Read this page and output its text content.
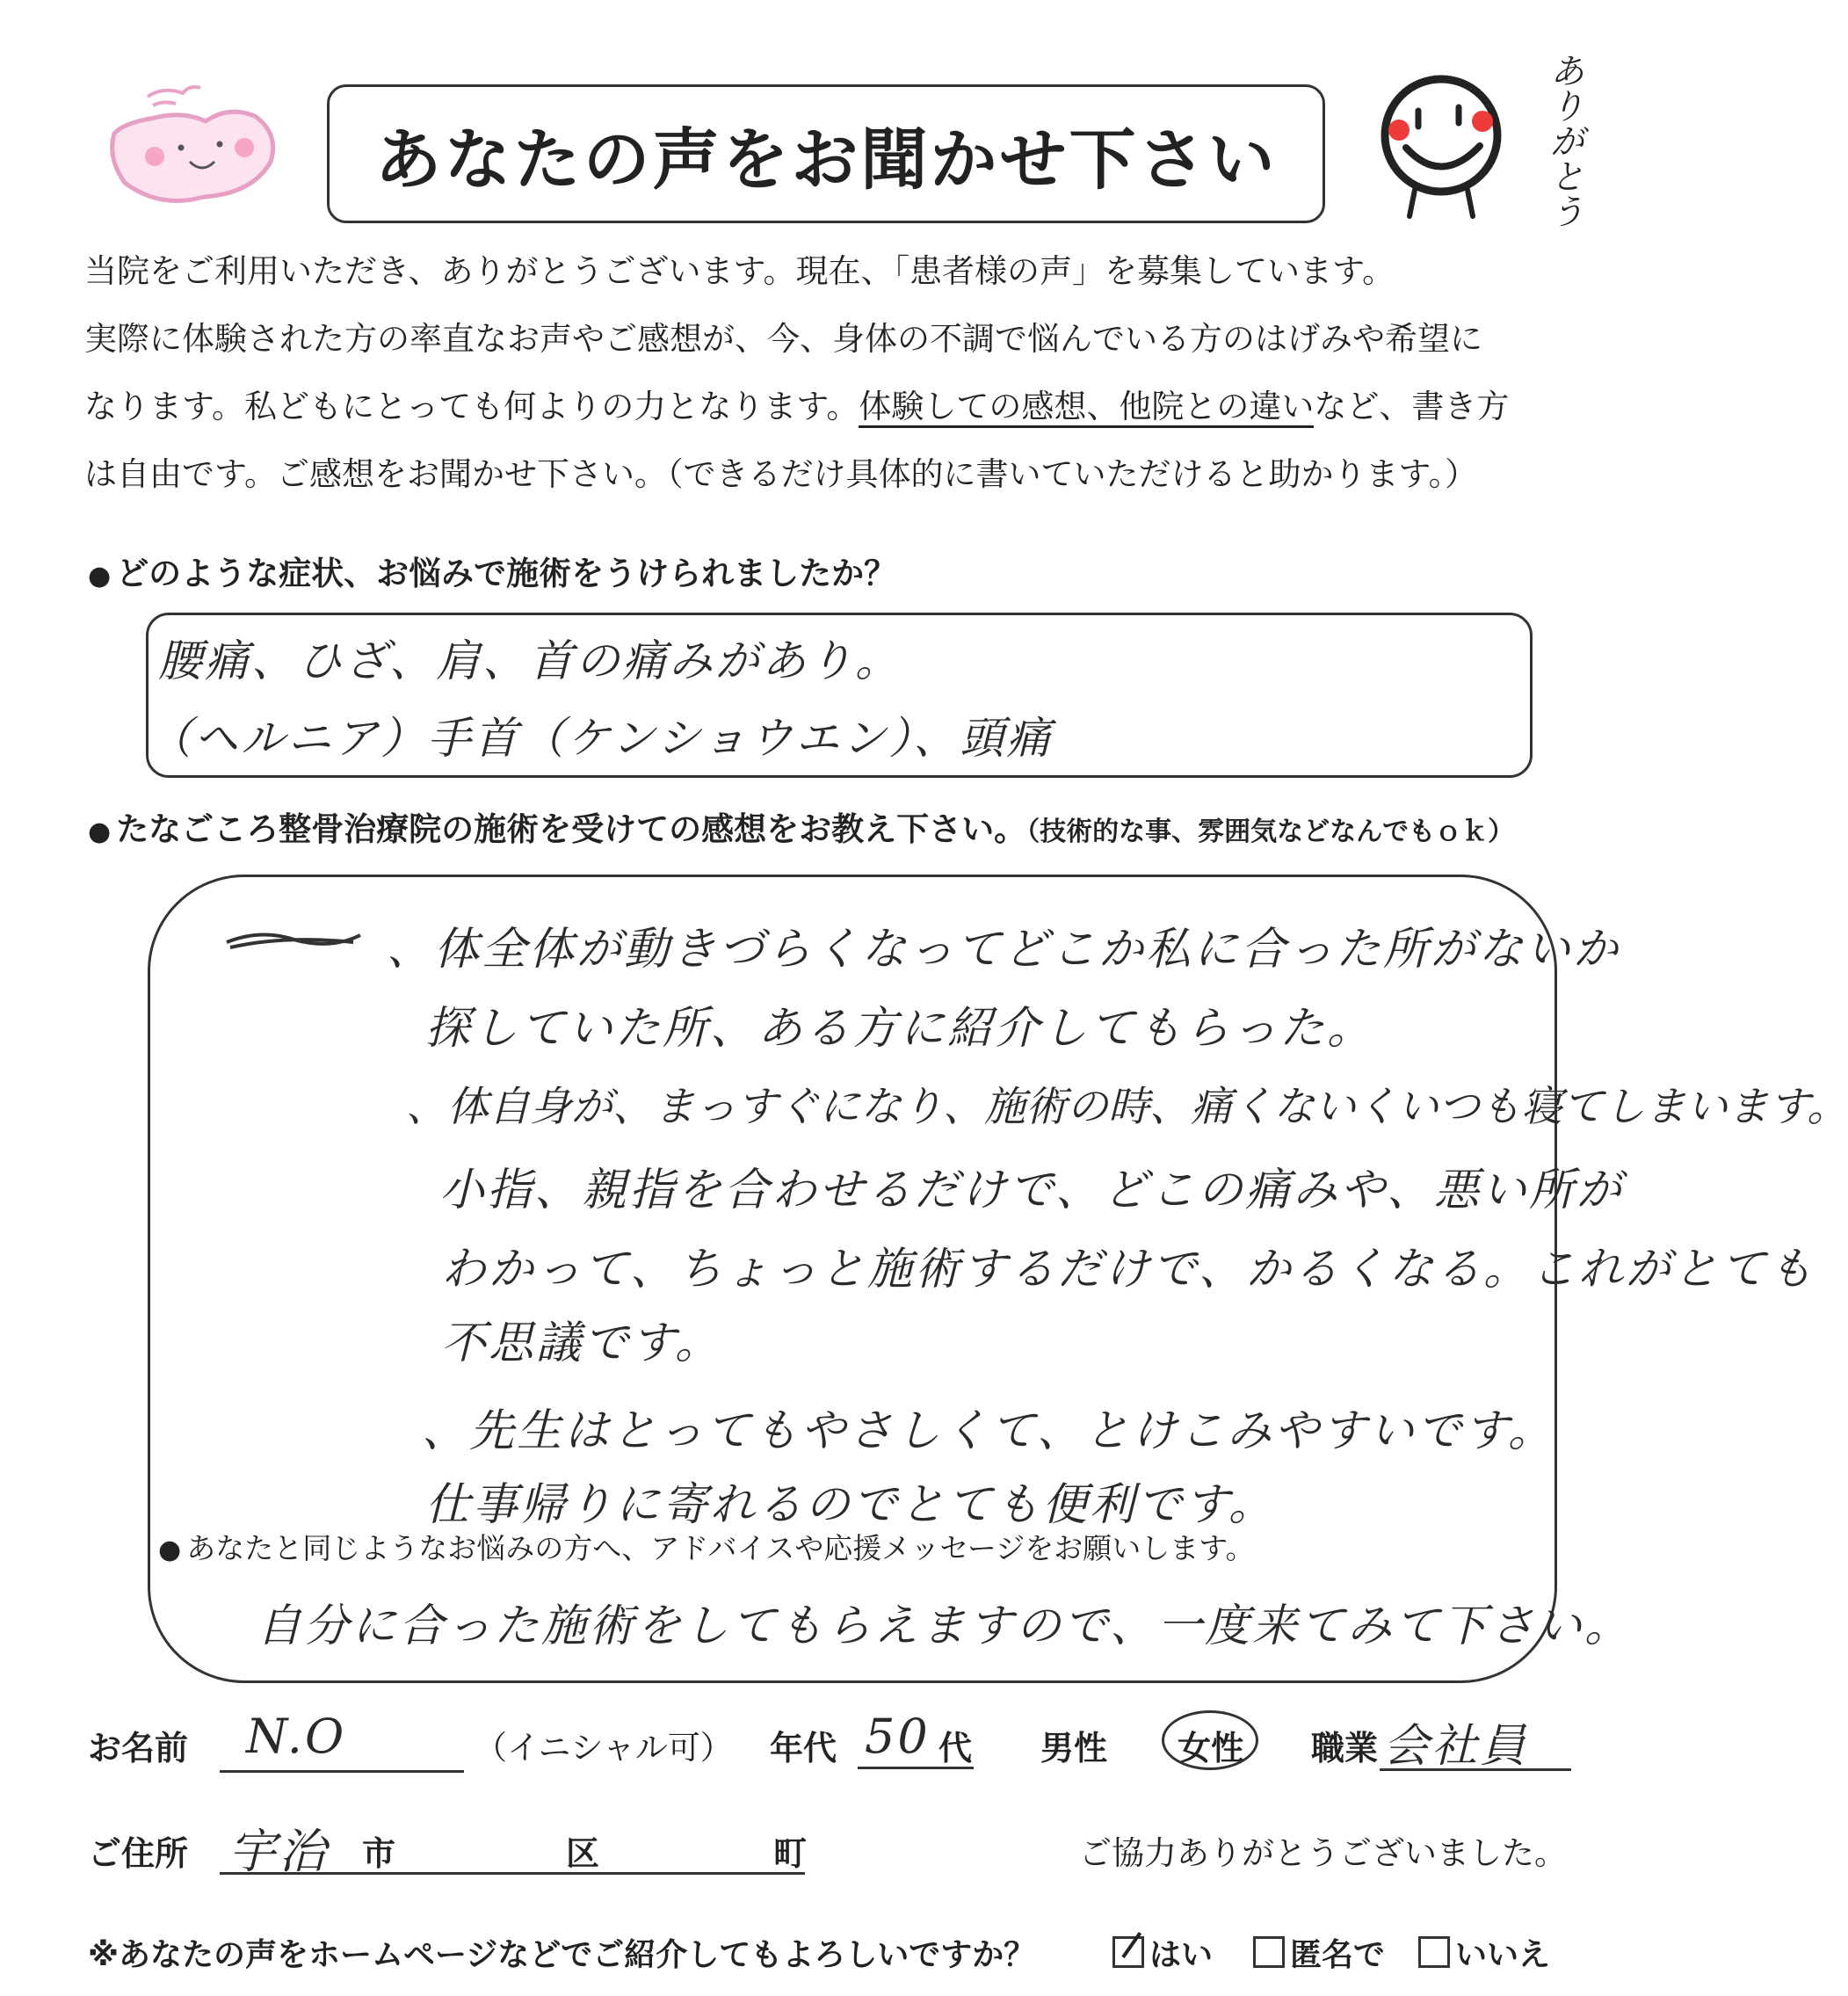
あなたの声をお聞かせ下さい	ありがとう
当院をご利用いただき、ありがとうございます。現在、「患者様の声」を募集しています。
実際に体験された方の率直なお声やご感想が、今、身体の不調で悩んでいる方のはげみや希望に
なります。私どもにとっても何よりの力となります。体験しての感想、他院との違いなど、書き方
は自由です。ご感想をお聞かせ下さい。（できるだけ具体的に書いていただけると助かります。）
● どのような症状、お悩みで施術をうけられましたか？
腰痛、ひざ、肩、首の痛みがあり。
（ヘルニア）手首（ケンショウエン）、頭痛
● たなごころ整骨治療院の施術を受けての感想をお教え下さい。（技術的な事、雰囲気などなんでもｏｋ）
、体全体が動きづらくなってどこか私に合った所がないか
探していた所、ある方に紹介してもらった。
、体自身が、まっすぐになり、施術の時、痛くないくいつも寝てしまいます。
小指、親指を合わせるだけで、どこの痛みや、悪い所が
わかって、ちょっと施術するだけで、かるくなる。これがとても
不思議です。
、先生はとってもやさしくて、とけこみやすいです。
仕事帰りに寄れるのでとても便利です。
● あなたと同じようなお悩みの方へ、アドバイスや応援メッセージをお願いします。
自分に合った施術をしてもらえますので、一度来てみて下さい。
お名前 N.O	（イニシャル可） 年代 50 代 男性 女性 職業 会社員
ご住所 宇治 市	区	町	ご協力ありがとうございました。
※あなたの声をホームページなどでご紹介してもよろしいですか？	はい	匿名で	いいえ
